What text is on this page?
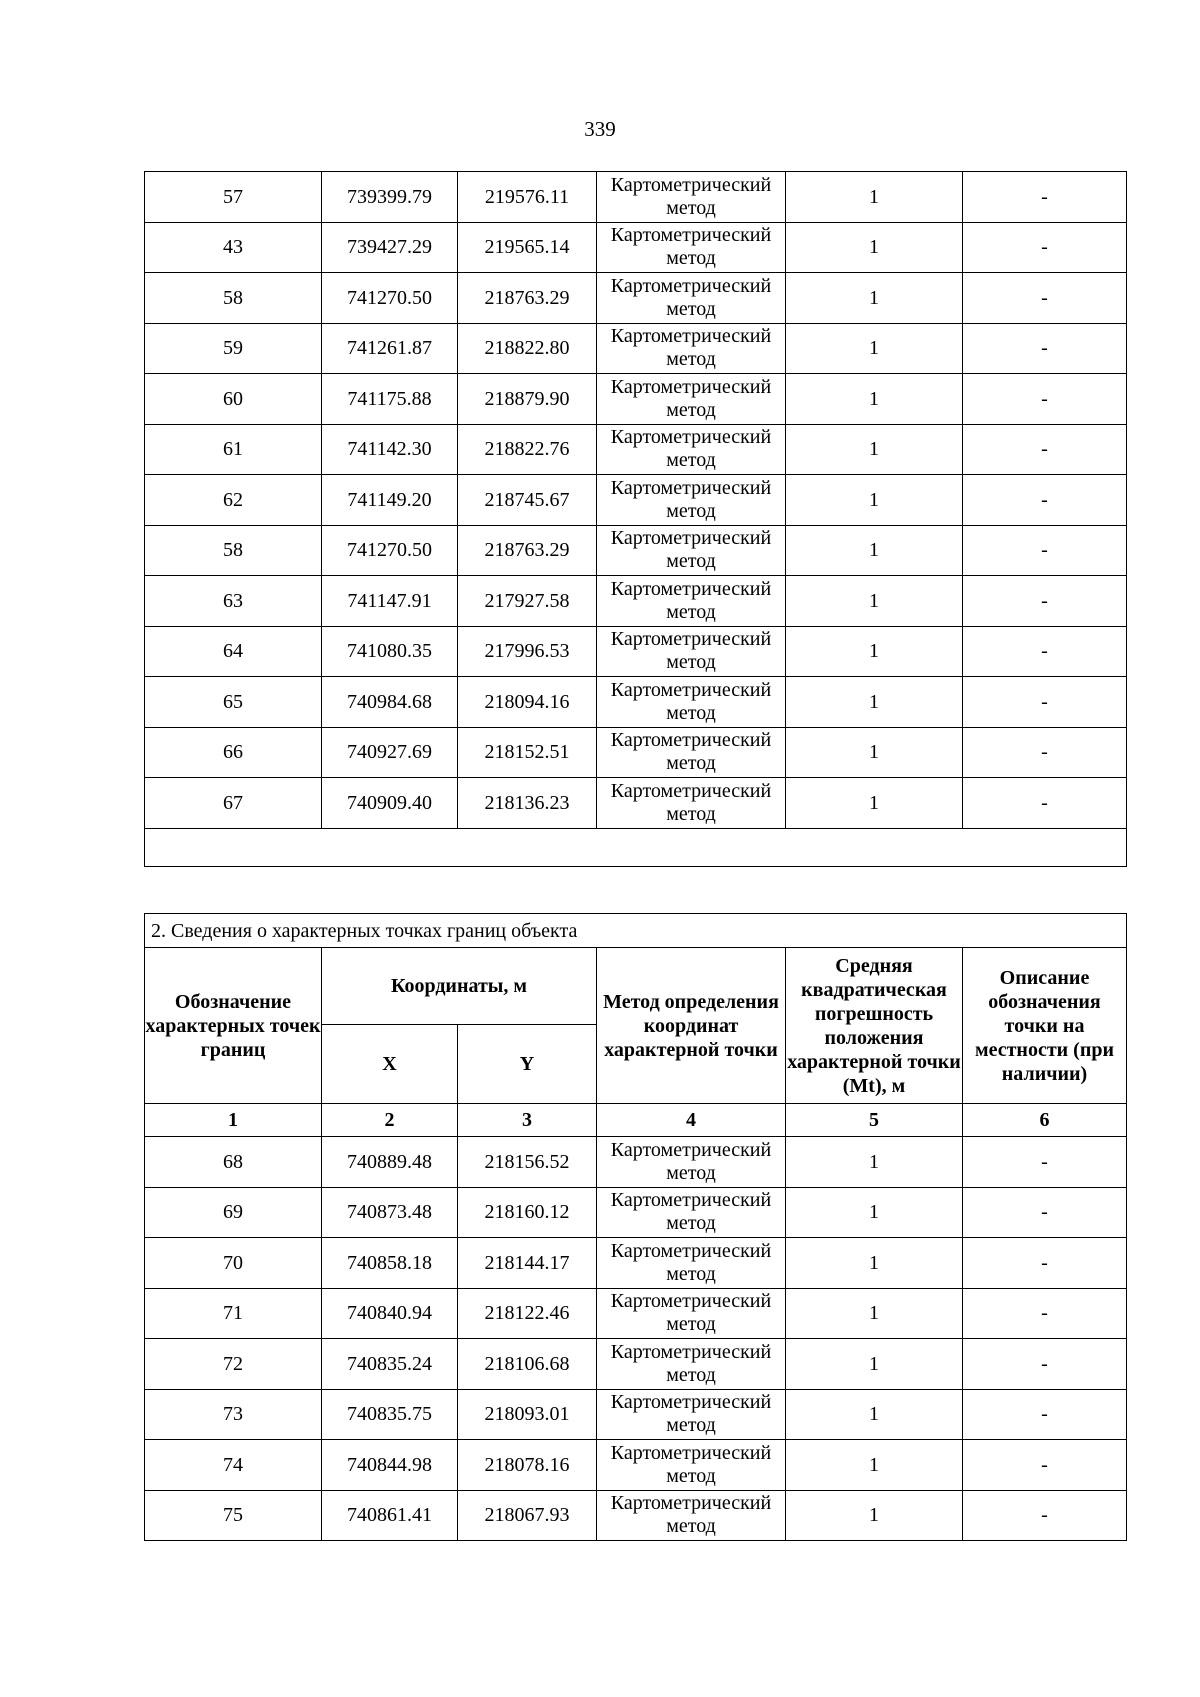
339
57	739399.79	219576.11	Картометрический метод	1	-
43	739427.29	219565.14	Картометрический метод	1	-
58	741270.50	218763.29	Картометрический метод	1	-
59	741261.87	218822.80	Картометрический метод	1	-
60	741175.88	218879.90	Картометрический метод	1	-
61	741142.30	218822.76	Картометрический метод	1	-
62	741149.20	218745.67	Картометрический метод	1	-
58	741270.50	218763.29	Картометрический метод	1	-
63	741147.91	217927.58	Картометрический метод	1	-
64	741080.35	217996.53	Картометрический метод	1	-
65	740984.68	218094.16	Картометрический метод	1	-
66	740927.69	218152.51	Картометрический метод	1	-
67	740909.40	218136.23	Картометрический метод	1	-

2. Сведения о характерных точках границ объекта					
Обозначение характерных точек границ	Координаты, м		Метод определения координат характерной точки	Средняя квадратическая погрешность положения характерной точки (Mt), м	Описание обозначения точки на местности (при наличии)
	X	Y			
1	2	3	4	5	6
68	740889.48	218156.52	Картометрический метод	1	-
69	740873.48	218160.12	Картометрический метод	1	-
70	740858.18	218144.17	Картометрический метод	1	-
71	740840.94	218122.46	Картометрический метод	1	-
72	740835.24	218106.68	Картометрический метод	1	-
73	740835.75	218093.01	Картометрический метод	1	-
74	740844.98	218078.16	Картометрический метод	1	-
75	740861.41	218067.93	Картометрический метод	1	-
